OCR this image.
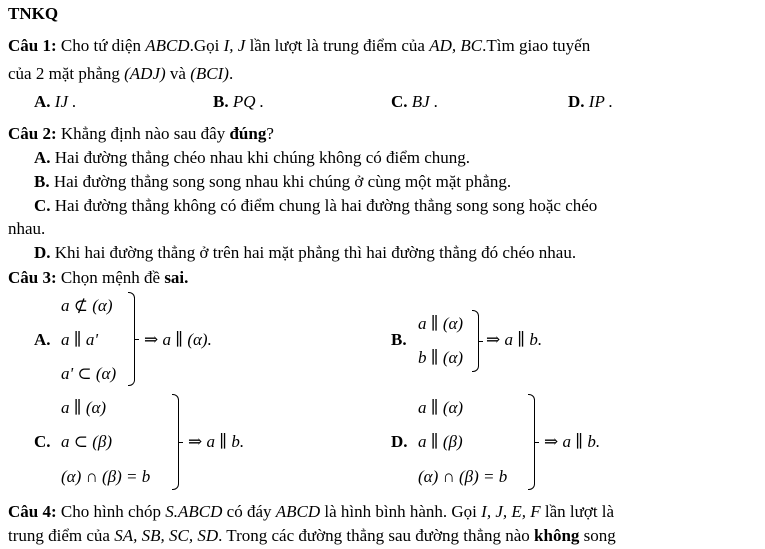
TNKQ
Câu 1: Cho tứ diện ABCD.Gọi I, J lần lượt là trung điểm của AD, BC.Tìm giao tuyến
của 2 mặt phẳng (ADJ) và (BCI).
A. IJ .	B. PQ .	C. BJ .	D. IP .
Câu 2: Khẳng định nào sau đây đúng?
A. Hai đường thẳng chéo nhau khi chúng không có điểm chung.
B. Hai đường thẳng song song nhau khi chúng ở cùng một mặt phẳng.
C. Hai đường thẳng không có điểm chung là hai đường thẳng song song hoặc chéo
nhau.
D. Khi hai đường thẳng ở trên hai mặt phẳng thì hai đường thẳng đó chéo nhau.
Câu 3: Chọn mệnh đề sai.
A.
a ⊄ (α)
a ∥ a'
a' ⊂ (α)
⇒ a ∥ (α).	B.
a ∥ (α)
b ∥ (α)
⇒ a ∥ b.
C.
a ∥ (α)
a ⊂ (β)
(α) ∩ (β) = b
⇒ a ∥ b.	D.
a ∥ (α)
a ∥ (β)
(α) ∩ (β) = b
⇒ a ∥ b.
Câu 4: Cho hình chóp S.ABCD có đáy ABCD là hình bình hành. Gọi I, J, E, F lần lượt là
trung điểm của SA, SB, SC, SD. Trong các đường thẳng sau đường thẳng nào không song
